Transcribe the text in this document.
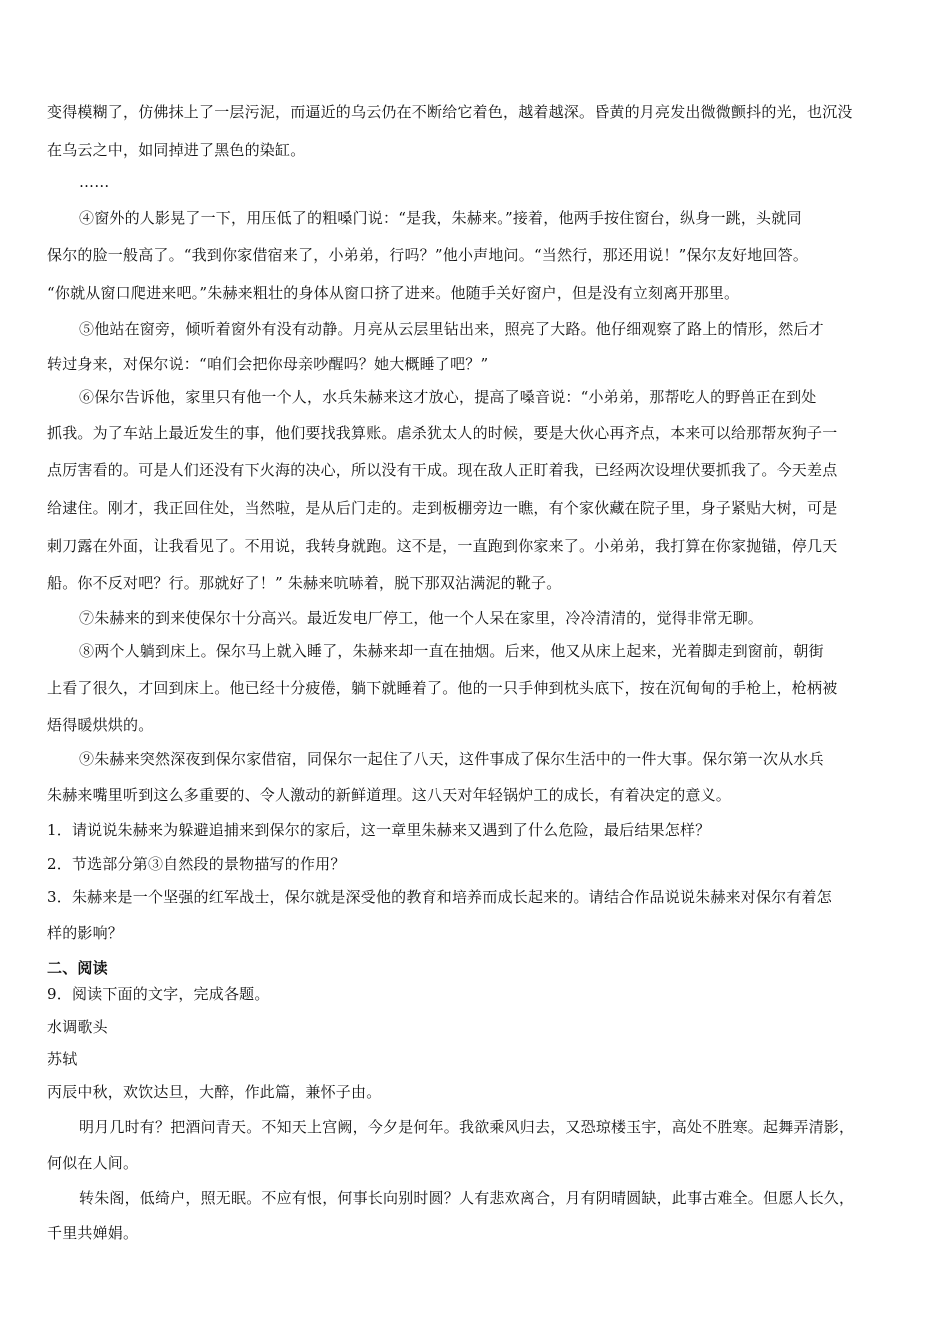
变得模糊了，仿佛抹上了一层污泥，而逼近的乌云仍在不断给它着色，越着越深。昏黄的月亮发出微微颤抖的光，也沉没
在乌云之中，如同掉进了黑色的染缸。
……
④窗外的人影晃了一下，用压低了的粗嗓门说：“是我，朱赫来。”接着，他两手按住窗台，纵身一跳，头就同
保尔的脸一般高了。“我到你家借宿来了，小弟弟，行吗？”他小声地问。“当然行，那还用说！”保尔友好地回答。
“你就从窗口爬进来吧。”朱赫来粗壮的身体从窗口挤了进来。他随手关好窗户，但是没有立刻离开那里。
⑤他站在窗旁，倾听着窗外有没有动静。月亮从云层里钻出来，照亮了大路。他仔细观察了路上的情形，然后才
转过身来，对保尔说：“咱们会把你母亲吵醒吗？她大概睡了吧？”
⑥保尔告诉他，家里只有他一个人，水兵朱赫来这才放心，提高了嗓音说：“小弟弟，那帮吃人的野兽正在到处
抓我。为了车站上最近发生的事，他们要找我算账。虐杀犹太人的时候，要是大伙心再齐点，本来可以给那帮灰狗子一
点厉害看的。可是人们还没有下火海的决心，所以没有干成。现在敌人正盯着我，已经两次设埋伏要抓我了。今天差点
给逮住。刚才，我正回住处，当然啦，是从后门走的。走到板棚旁边一瞧，有个家伙藏在院子里，身子紧贴大树，可是
刺刀露在外面，让我看见了。不用说，我转身就跑。这不是，一直跑到你家来了。小弟弟，我打算在你家抛锚，停几天
船。你不反对吧？行。那就好了！” 朱赫来吭哧着，脱下那双沾满泥的靴子。
⑦朱赫来的到来使保尔十分高兴。最近发电厂停工，他一个人呆在家里，冷冷清清的，觉得非常无聊。
⑧两个人躺到床上。保尔马上就入睡了，朱赫来却一直在抽烟。后来，他又从床上起来，光着脚走到窗前，朝街
上看了很久，才回到床上。他已经十分疲倦，躺下就睡着了。他的一只手伸到枕头底下，按在沉甸甸的手枪上，枪柄被
焐得暖烘烘的。
⑨朱赫来突然深夜到保尔家借宿，同保尔一起住了八天，这件事成了保尔生活中的一件大事。保尔第一次从水兵
朱赫来嘴里听到这么多重要的、令人激动的新鲜道理。这八天对年轻锅炉工的成长，有着决定的意义。
1．请说说朱赫来为躲避追捕来到保尔的家后，这一章里朱赫来又遇到了什么危险，最后结果怎样？
2．节选部分第③自然段的景物描写的作用？
3．朱赫来是一个坚强的红军战士，保尔就是深受他的教育和培养而成长起来的。请结合作品说说朱赫来对保尔有着怎
样的影响？
二、阅读
9．阅读下面的文字，完成各题。
水调歌头
苏轼
丙辰中秋，欢饮达旦，大醉，作此篇，兼怀子由。
明月几时有？把酒问青天。不知天上宫阙，今夕是何年。我欲乘风归去，又恐琼楼玉宇，高处不胜寒。起舞弄清影，
何似在人间。
转朱阁，低绮户，照无眠。不应有恨，何事长向别时圆？人有悲欢离合，月有阴晴圆缺，此事古难全。但愿人长久，
千里共婵娟。
